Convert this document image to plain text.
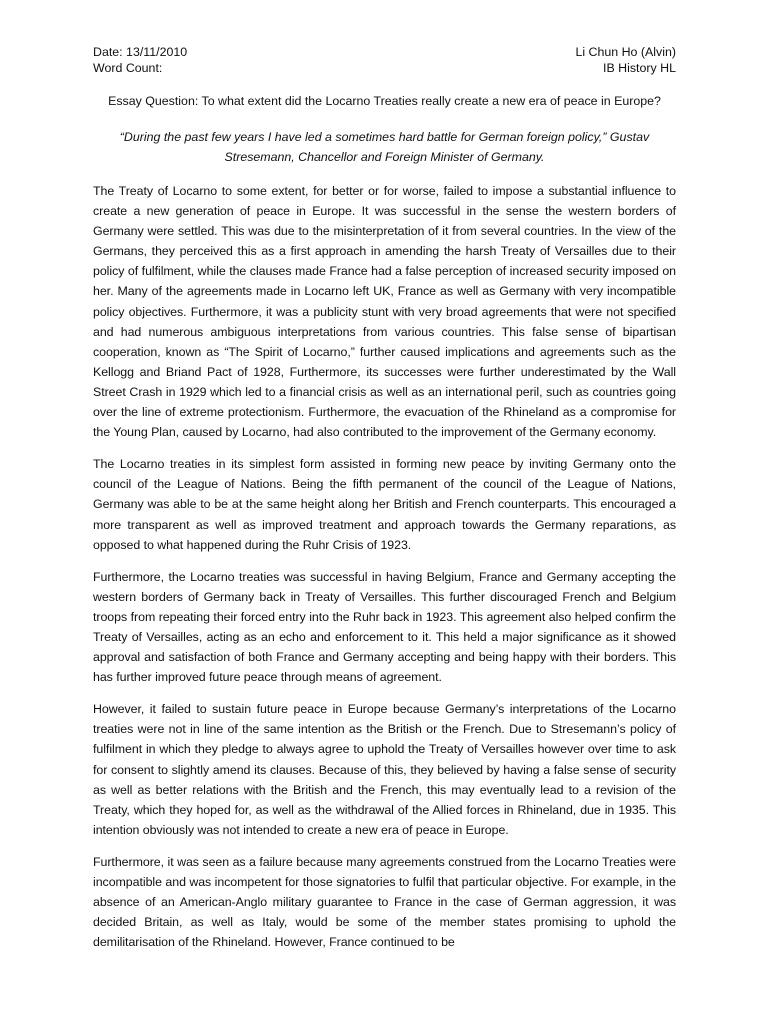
Date: 13/11/2010
Word Count:
Li Chun Ho (Alvin)
IB History HL
Essay Question: To what extent did the Locarno Treaties really create a new era of peace in Europe?
“During the past few years I have led a sometimes hard battle for German foreign policy,” Gustav Stresemann, Chancellor and Foreign Minister of Germany.

The Treaty of Locarno to some extent, for better or for worse, failed to impose a substantial influence to create a new generation of peace in Europe. It was successful in the sense the western borders of Germany were settled. This was due to the misinterpretation of it from several countries. In the view of the Germans, they perceived this as a first approach in amending the harsh Treaty of Versailles due to their policy of fulfilment, while the clauses made France had a false perception of increased security imposed on her. Many of the agreements made in Locarno left UK, France as well as Germany with very incompatible policy objectives. Furthermore, it was a publicity stunt with very broad agreements that were not specified and had numerous ambiguous interpretations from various countries. This false sense of bipartisan cooperation, known as “The Spirit of Locarno,” further caused implications and agreements such as the Kellogg and Briand Pact of 1928, Furthermore, its successes were further underestimated by the Wall Street Crash in 1929 which led to a financial crisis as well as an international peril, such as countries going over the line of extreme protectionism. Furthermore, the evacuation of the Rhineland as a compromise for the Young Plan, caused by Locarno, had also contributed to the improvement of the Germany economy.

The Locarno treaties in its simplest form assisted in forming new peace by inviting Germany onto the council of the League of Nations. Being the fifth permanent of the council of the League of Nations, Germany was able to be at the same height along her British and French counterparts. This encouraged a more transparent as well as improved treatment and approach towards the Germany reparations, as opposed to what happened during the Ruhr Crisis of 1923.

Furthermore, the Locarno treaties was successful in having Belgium, France and Germany accepting the western borders of Germany back in Treaty of Versailles. This further discouraged French and Belgium troops from repeating their forced entry into the Ruhr back in 1923. This agreement also helped confirm the Treaty of Versailles, acting as an echo and enforcement to it. This held a major significance as it showed approval and satisfaction of both France and Germany accepting and being happy with their borders. This has further improved future peace through means of agreement.

However, it failed to sustain future peace in Europe because Germany’s interpretations of the Locarno treaties were not in line of the same intention as the British or the French. Due to Stresemann’s policy of fulfilment in which they pledge to always agree to uphold the Treaty of Versailles however over time to ask for consent to slightly amend its clauses. Because of this, they believed by having a false sense of security as well as better relations with the British and the French, this may eventually lead to a revision of the Treaty, which they hoped for, as well as the withdrawal of the Allied forces in Rhineland, due in 1935. This intention obviously was not intended to create a new era of peace in Europe.

Furthermore, it was seen as a failure because many agreements construed from the Locarno Treaties were incompatible and was incompetent for those signatories to fulfil that particular objective. For example, in the absence of an American-Anglo military guarantee to France in the case of German aggression, it was decided Britain, as well as Italy, would be some of the member states promising to uphold the demilitarisation of the Rhineland. However, France continued to be
